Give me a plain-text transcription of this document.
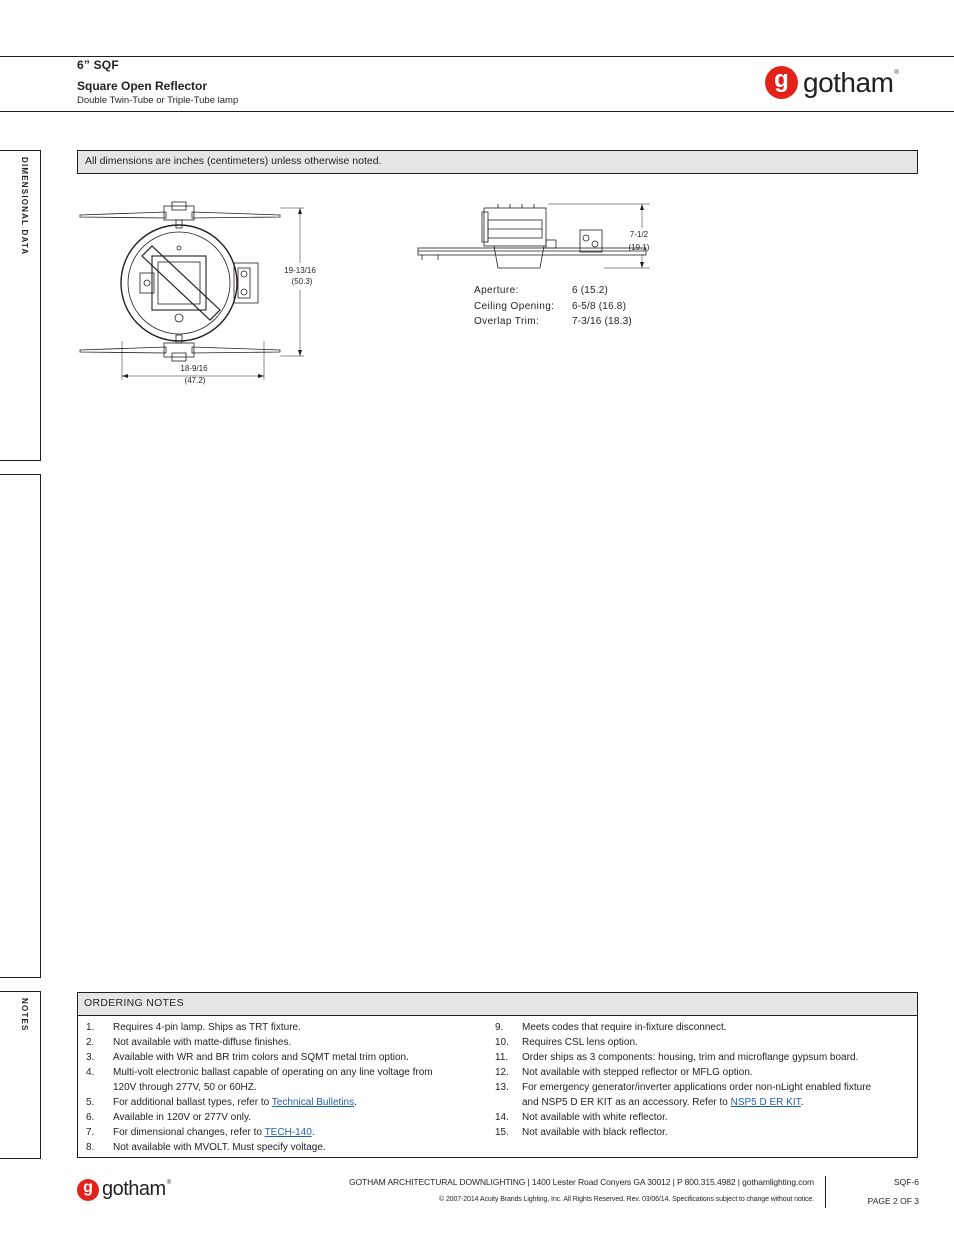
6” SQF
Square Open Reflector
Double Twin-Tube or Triple-Tube lamp
g gotham ®
DIMENSIONAL DATA
NOTES
All dimensions are inches (centimeters) unless otherwise noted.
19-13/16
(50.3)
18-9/16
(47.2)
7-1/2
(19.1)
Aperture:	6 (15.2)
Ceiling Opening: 6-5/8 (16.8)
Overlap Trim:	7-3/16 (18.3)
ORDERING NOTES
1. Requires 4-pin lamp. Ships as TRT fixture.
2. Not available with matte-diffuse finishes.
3. Available with WR and BR trim colors and SQMT metal trim option.
4. Multi-volt electronic ballast capable of operating on any line voltage from
120V through 277V, 50 or 60HZ.
5. For additional ballast types, refer to Technical Bulletins.
6. Available in 120V or 277V only.
7. For dimensional changes, refer to TECH-140.
8. Not available with MVOLT. Must specify voltage.
9. Meets codes that require in-fixture disconnect.
10. Requires CSL lens option.
11. Order ships as 3 components: housing, trim and microflange gypsum board.
12. Not available with stepped reflector or MFLG option.
13. For emergency generator/inverter applications order non-nLight enabled fixture
and NSP5 D ER KIT as an accessory. Refer to NSP5 D ER KIT.
14. Not available with white reflector.
15. Not available with black reflector.
g gotham ®	GOTHAM ARCHITECTURAL DOWNLIGHTING | 1400 Lester Road Conyers GA 30012 | P 800.315.4982 | gothamlighting.com
© 2007-2014 Acuity Brands Lighting, Inc. All Rights Reserved. Rev. 03/06/14. Specifications subject to change without notice.
SQF-6
PAGE 2 OF 3
